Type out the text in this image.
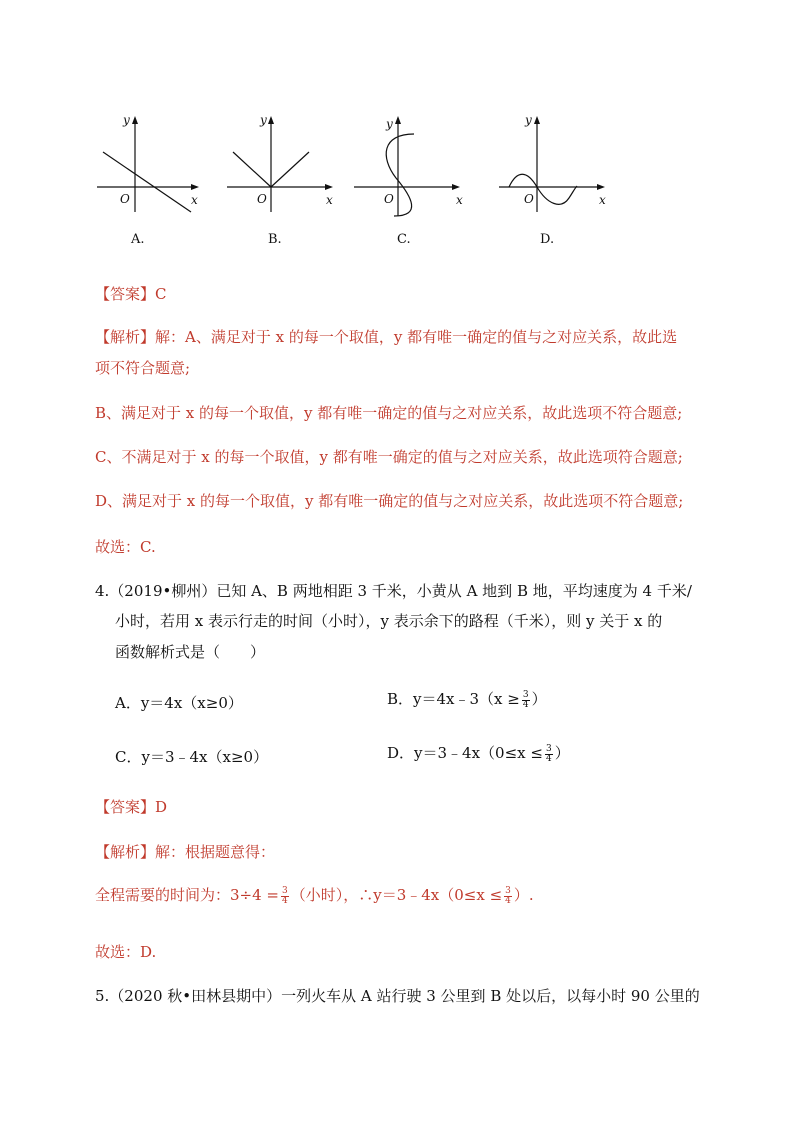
y
x
O
A.
y
x
O
B.
y
x
O
C.
y
x
O
D.
【答案】C
【解析】解：A、满足对于 x 的每一个取值，y 都有唯一确定的值与之对应关系，故此选
项不符合题意;
B、满足对于 x 的每一个取值，y 都有唯一确定的值与之对应关系，故此选项不符合题意;
C、不满足对于 x 的每一个取值，y 都有唯一确定的值与之对应关系，故此选项符合题意;
D、满足对于 x 的每一个取值，y 都有唯一确定的值与之对应关系，故此选项不符合题意;
故选：C.
4.（2019•柳州）已知 A、B 两地相距 3 千米，小黄从 A 地到 B 地，平均速度为 4 千米/
小时，若用 x 表示行走的时间（小时），y 表示余下的路程（千米），则 y 关于 x 的
函数解析式是（　　）
A．y＝4x（x≥0）	B．y＝4x﹣3（x ≥ $\frac{3}{4}$ ）
C．y＝3﹣4x（x≥0）	D．y＝3﹣4x（0≤x ≤ $\frac{3}{4}$ ）
【答案】D
【解析】解：根据题意得：
全程需要的时间为：$3\div 4 = \frac{3}{4}$ （小时），∴y＝3﹣4x（0≤x ≤ $\frac{3}{4}$ ）.
故选：D.
5.（2020 秋•田林县期中）一列火车从 A 站行驶 3 公里到 B 处以后，以每小时 90 公里的
